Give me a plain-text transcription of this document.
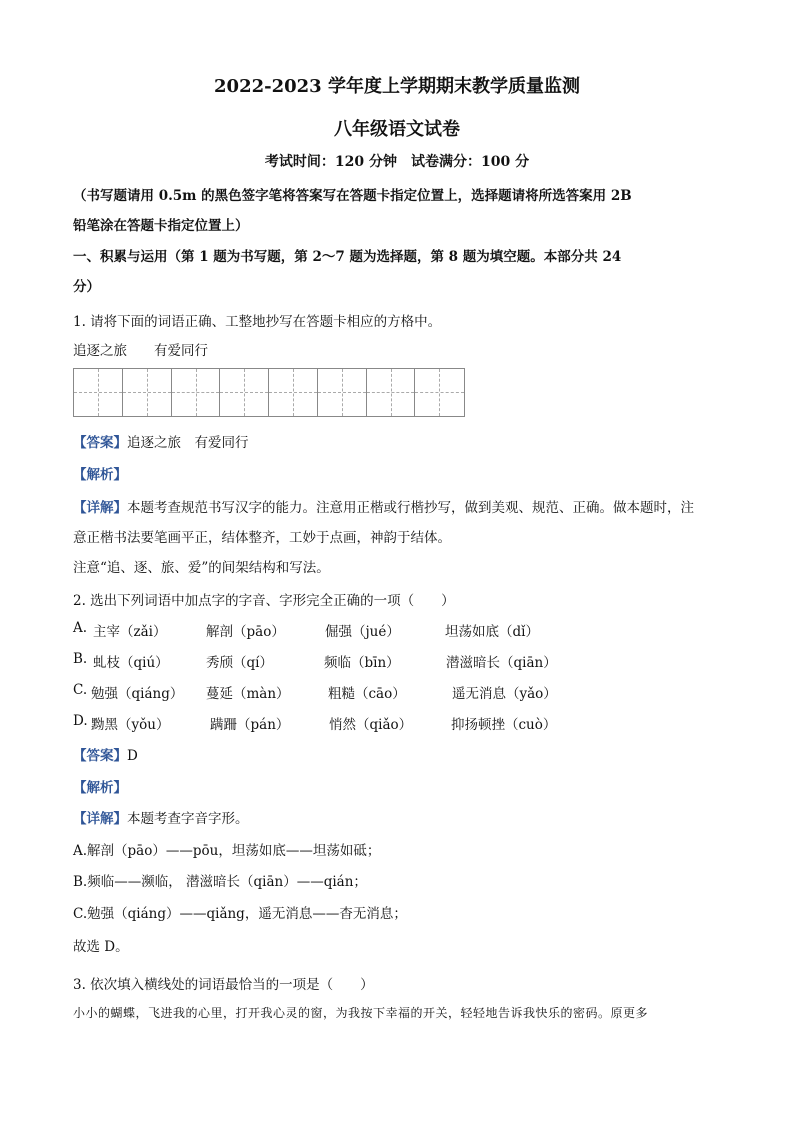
2022-2023 学年度上学期期末教学质量监测
八年级语文试卷
考试时间：120 分钟　试卷满分：100 分
（书写题请用 0.5m 的黑色签字笔将答案写在答题卡指定位置上，选择题请将所选答案用 2B
铅笔涂在答题卡指定位置上）
一、积累与运用（第 1 题为书写题，第 2～7 题为选择题，第 8 题为填空题。本部分共 24
分）
1. 请将下面的词语正确、工整地抄写在答题卡相应的方格中。
追逐之旅　　有爱同行
【答案】追逐之旅　有爱同行
【解析】
【详解】本题考查规范书写汉字的能力。注意用正楷或行楷抄写，做到美观、规范、正确。做本题时，注
意正楷书法要笔画平正，结体整齐，工妙于点画，神韵于结体。
注意“追、逐、旅、爱”的间架结构和写法。
2. 选出下列词语中加点字的字音、字形完全正确的一项（　　）
A. 主宰（zǎi）	解剖（pāo）	倔强（jué）	坦荡如底（dǐ）
B. 虬枝（qiú）	秀颀（qí）	频临（bīn）	潜滋暗长（qiān）
C. 勉强（qiáng） 蔓延（màn）	粗糙（cāo）	遥无消息（yǎo）
D. 黝黑（yǒu）	蹒跚（pán）	悄然（qiǎo）	抑扬顿挫（cuò）
【答案】D
【解析】
【详解】本题考查字音字形。
A.解剖（pāo）——pōu，坦荡如底——坦荡如砥；
B.频临——濒临， 潜滋暗长（qiān）——qián；
C.勉强（qiáng）——qiǎng，遥无消息——杳无消息；
故选 D。
3. 依次填入横线处的词语最恰当的一项是（　　）
小小的蝴蝶，飞进我的心里，打开我心灵的窗，为我按下幸福的开关，轻轻地告诉我快乐的密码。原更多
